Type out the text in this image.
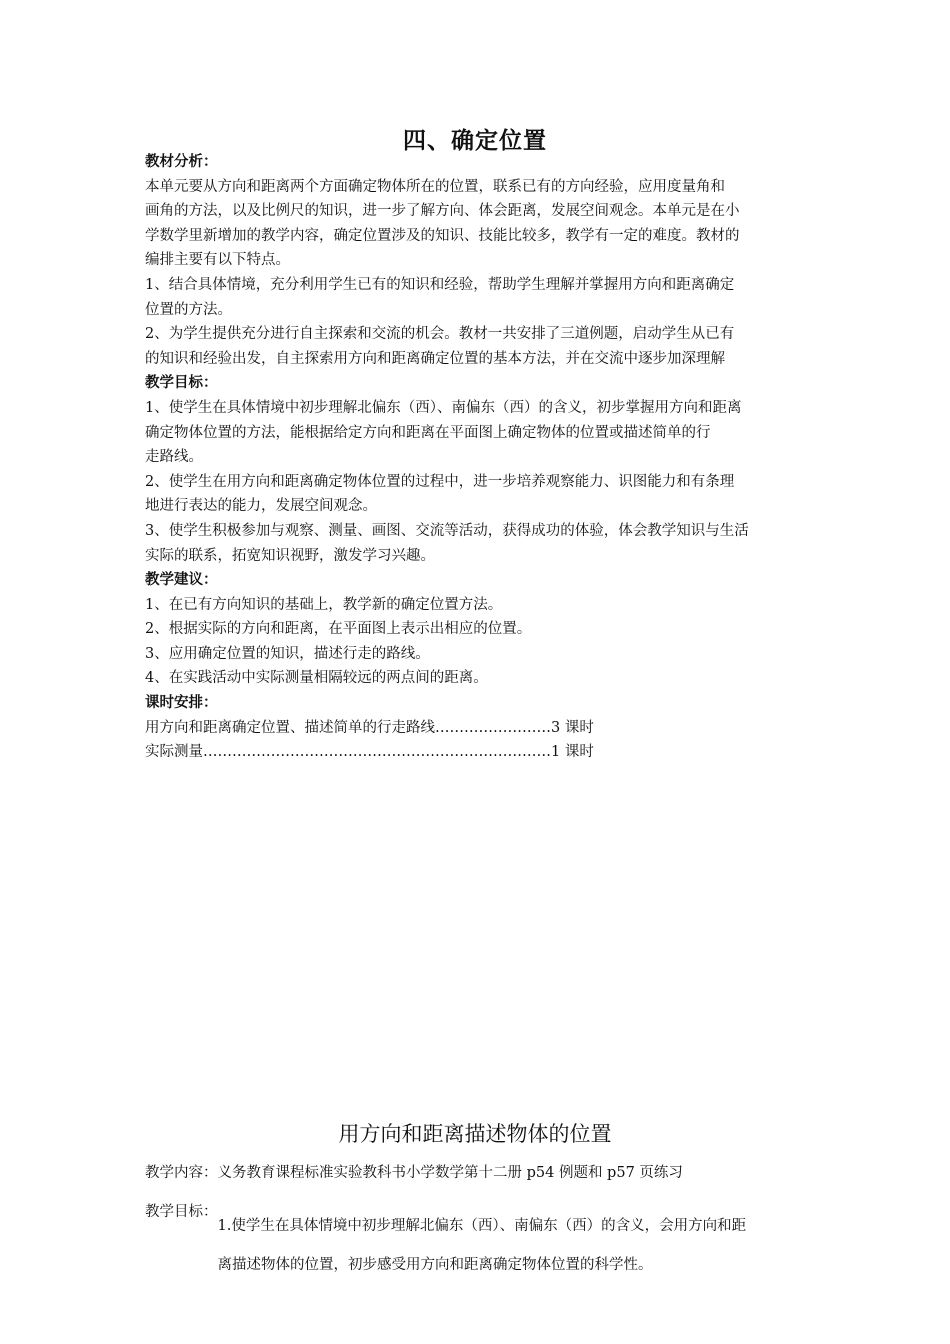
四、确定位置

教材分析：

本单元要从方向和距离两个方面确定物体所在的位置，联系已有的方向经验，应用度量角和

画角的方法，以及比例尺的知识，进一步了解方向、体会距离，发展空间观念。本单元是在小

学数学里新增加的教学内容，确定位置涉及的知识、技能比较多，教学有一定的难度。教材的

编排主要有以下特点。

1、结合具体情境，充分利用学生已有的知识和经验，帮助学生理解并掌握用方向和距离确定

位置的方法。

2、为学生提供充分进行自主探索和交流的机会。教材一共安排了三道例题，启动学生从已有

的知识和经验出发，自主探索用方向和距离确定位置的基本方法，并在交流中逐步加深理解

教学目标：

1、使学生在具体情境中初步理解北偏东（西）、南偏东（西）的含义，初步掌握用方向和距离

确定物体位置的方法，能根据给定方向和距离在平面图上确定物体的位置或描述简单的行

走路线。

2、使学生在用方向和距离确定物体位置的过程中，进一步培养观察能力、识图能力和有条理

地进行表达的能力，发展空间观念。

3、使学生积极参加与观察、测量、画图、交流等活动，获得成功的体验，体会教学知识与生活

实际的联系，拓宽知识视野，激发学习兴趣。

教学建议：

1、在已有方向知识的基础上，教学新的确定位置方法。

2、根据实际的方向和距离，在平面图上表示出相应的位置。

3、应用确定位置的知识，描述行走的路线。

4、在实践活动中实际测量相隔较远的两点间的距离。

课时安排：

用方向和距离确定位置、描述简单的行走路线……………………3 课时

实际测量………………………………………………………………1 课时

用方向和距离描述物体的位置

教学内容：义务教育课程标准实验教科书小学数学第十二册 p54 例题和 p57 页练习

教学目标：

1.使学生在具体情境中初步理解北偏东（西）、南偏东（西）的含义，会用方向和距

离描述物体的位置，初步感受用方向和距离确定物体位置的科学性。
